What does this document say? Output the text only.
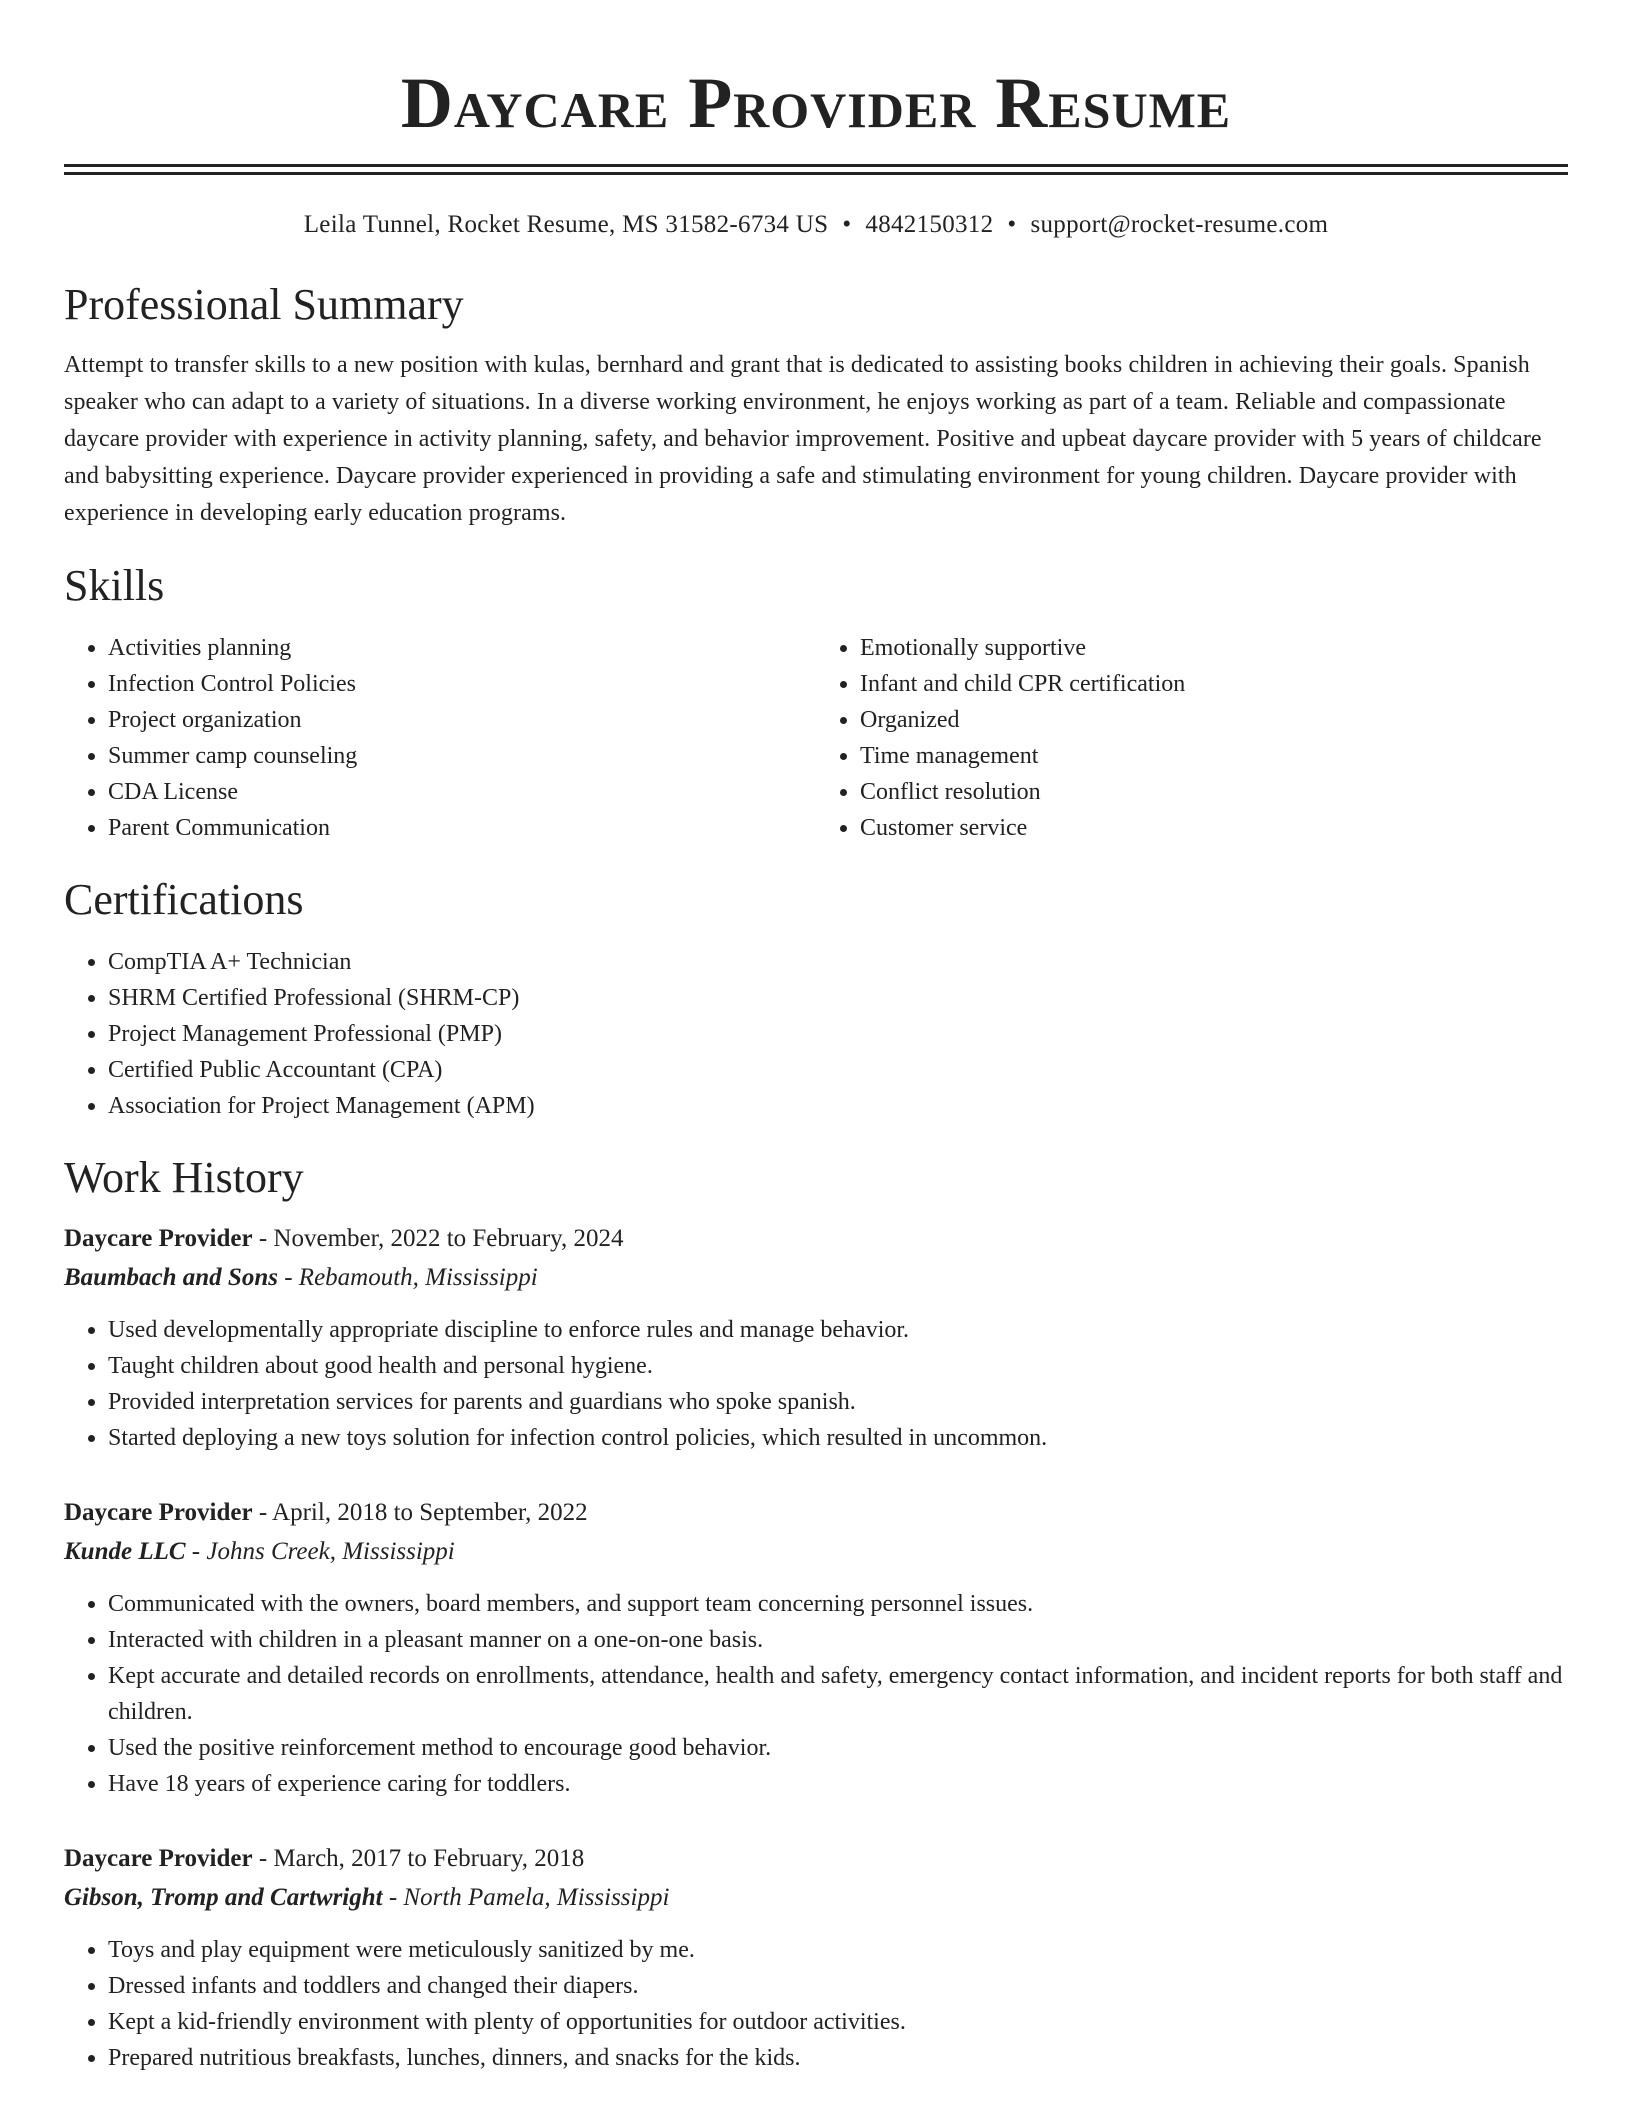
Daycare Provider Resume
Leila Tunnel, Rocket Resume, MS 31582-6734 US • 4842150312 • support@rocket-resume.com
Professional Summary
Attempt to transfer skills to a new position with kulas, bernhard and grant that is dedicated to assisting books children in achieving their goals. Spanish speaker who can adapt to a variety of situations. In a diverse working environment, he enjoys working as part of a team. Reliable and compassionate daycare provider with experience in activity planning, safety, and behavior improvement. Positive and upbeat daycare provider with 5 years of childcare and babysitting experience. Daycare provider experienced in providing a safe and stimulating environment for young children. Daycare provider with experience in developing early education programs.
Skills
• Activities planning
• Infection Control Policies
• Project organization
• Summer camp counseling
• CDA License
• Parent Communication
• Emotionally supportive
• Infant and child CPR certification
• Organized
• Time management
• Conflict resolution
• Customer service
Certifications
• CompTIA A+ Technician
• SHRM Certified Professional (SHRM-CP)
• Project Management Professional (PMP)
• Certified Public Accountant (CPA)
• Association for Project Management (APM)
Work History
Daycare Provider - November, 2022 to February, 2024
Baumbach and Sons - Rebamouth, Mississippi
• Used developmentally appropriate discipline to enforce rules and manage behavior.
• Taught children about good health and personal hygiene.
• Provided interpretation services for parents and guardians who spoke spanish.
• Started deploying a new toys solution for infection control policies, which resulted in uncommon.
Daycare Provider - April, 2018 to September, 2022
Kunde LLC - Johns Creek, Mississippi
• Communicated with the owners, board members, and support team concerning personnel issues.
• Interacted with children in a pleasant manner on a one-on-one basis.
• Kept accurate and detailed records on enrollments, attendance, health and safety, emergency contact information, and incident reports for both staff and children.
• Used the positive reinforcement method to encourage good behavior.
• Have 18 years of experience caring for toddlers.
Daycare Provider - March, 2017 to February, 2018
Gibson, Tromp and Cartwright - North Pamela, Mississippi
• Toys and play equipment were meticulously sanitized by me.
• Dressed infants and toddlers and changed their diapers.
• Kept a kid-friendly environment with plenty of opportunities for outdoor activities.
• Prepared nutritious breakfasts, lunches, dinners, and snacks for the kids.
